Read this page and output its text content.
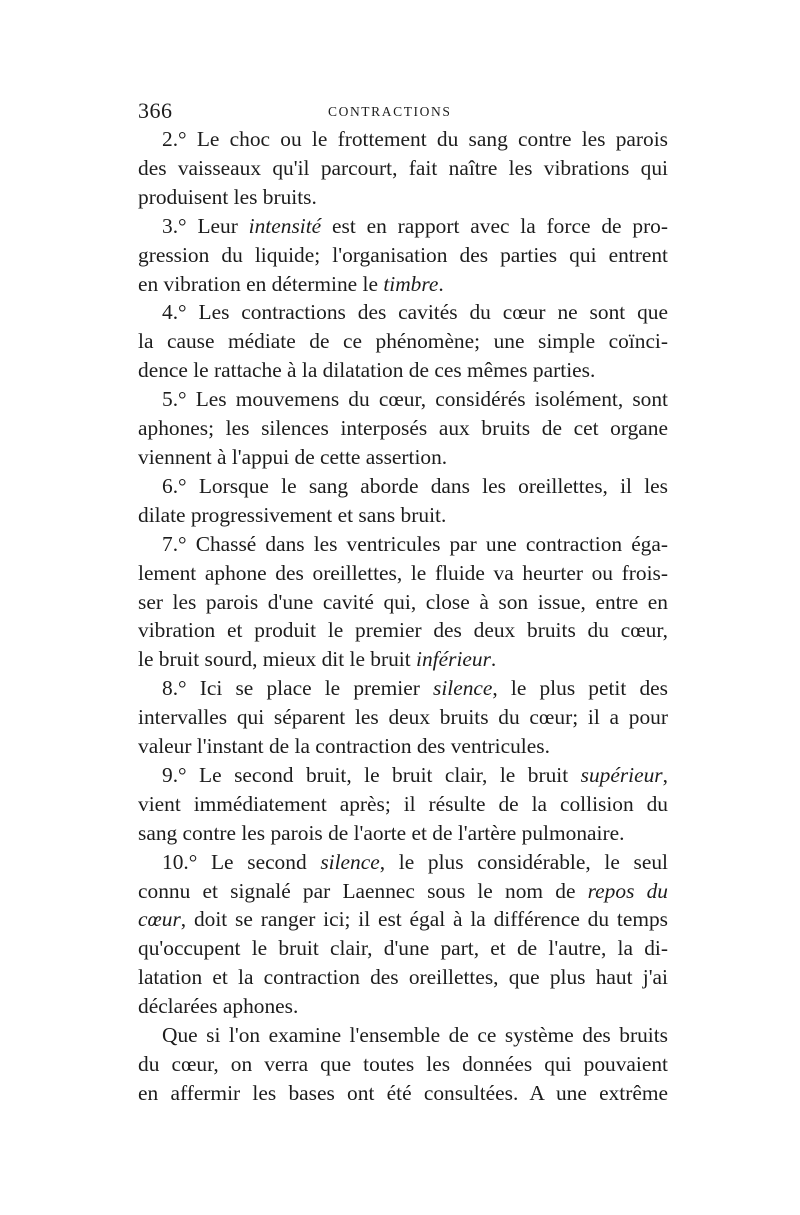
366	CONTRACTIONS
2.° Le choc ou le frottement du sang contre les parois
des vaisseaux qu'il parcourt, fait naître les vibrations qui
produisent les bruits.
3.° Leur intensité est en rapport avec la force de pro-
gression du liquide; l'organisation des parties qui entrent
en vibration en détermine le timbre.
4.° Les contractions des cavités du cœur ne sont que
la cause médiate de ce phénomène; une simple coïnci-
dence le rattache à la dilatation de ces mêmes parties.
5.° Les mouvemens du cœur, considérés isolément, sont
aphones; les silences interposés aux bruits de cet organe
viennent à l'appui de cette assertion.
6.° Lorsque le sang aborde dans les oreillettes, il les
dilate progressivement et sans bruit.
7.° Chassé dans les ventricules par une contraction éga-
lement aphone des oreillettes, le fluide va heurter ou frois-
ser les parois d'une cavité qui, close à son issue, entre en
vibration et produit le premier des deux bruits du cœur,
le bruit sourd, mieux dit le bruit inférieur.
8.° Ici se place le premier silence, le plus petit des
intervalles qui séparent les deux bruits du cœur; il a pour
valeur l'instant de la contraction des ventricules.
9.° Le second bruit, le bruit clair, le bruit supérieur,
vient immédiatement après; il résulte de la collision du
sang contre les parois de l'aorte et de l'artère pulmonaire.
10.° Le second silence, le plus considérable, le seul
connu et signalé par Laennec sous le nom de repos du
cœur, doit se ranger ici; il est égal à la différence du temps
qu'occupent le bruit clair, d'une part, et de l'autre, la di-
latation et la contraction des oreillettes, que plus haut j'ai
déclarées aphones.
Que si l'on examine l'ensemble de ce système des bruits
du cœur, on verra que toutes les données qui pouvaient
en affermir les bases ont été consultées. A une extrême
